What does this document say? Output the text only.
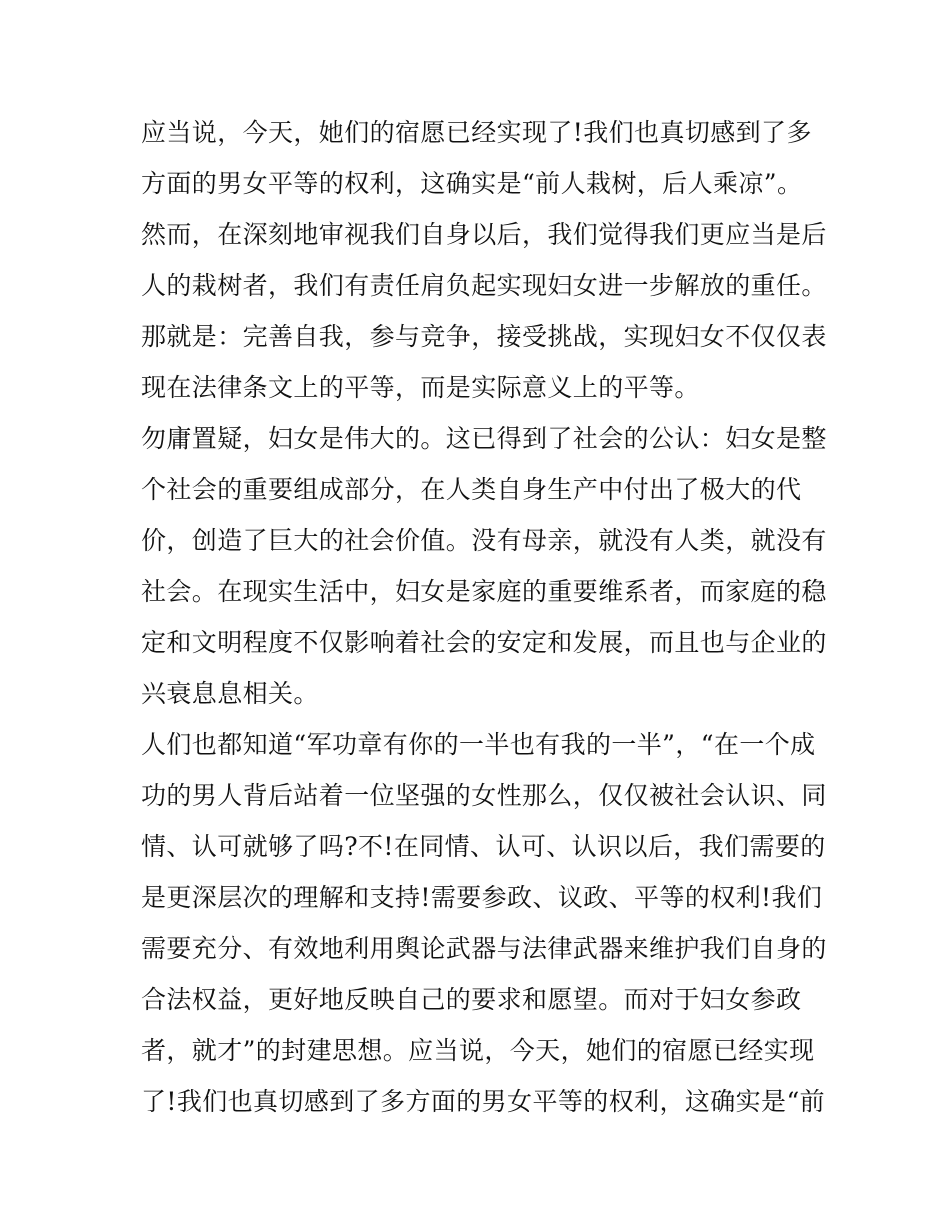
应当说，今天，她们的宿愿已经实现了!我们也真切感到了多
方面的男女平等的权利，这确实是“前人栽树，后人乘凉”。
然而，在深刻地审视我们自身以后，我们觉得我们更应当是后
人的栽树者，我们有责任肩负起实现妇女进一步解放的重任。
那就是：完善自我，参与竞争，接受挑战，实现妇女不仅仅表
现在法律条文上的平等，而是实际意义上的平等。
勿庸置疑，妇女是伟大的。这已得到了社会的公认：妇女是整
个社会的重要组成部分，在人类自身生产中付出了极大的代
价，创造了巨大的社会价值。没有母亲，就没有人类，就没有
社会。在现实生活中，妇女是家庭的重要维系者，而家庭的稳
定和文明程度不仅影响着社会的安定和发展，而且也与企业的
兴衰息息相关。
人们也都知道“军功章有你的一半也有我的一半”，“在一个成
功的男人背后站着一位坚强的女性那么，仅仅被社会认识、同
情、认可就够了吗?不!在同情、认可、认识以后，我们需要的
是更深层次的理解和支持!需要参政、议政、平等的权利!我们
需要充分、有效地利用舆论武器与法律武器来维护我们自身的
合法权益，更好地反映自己的要求和愿望。而对于妇女参政
者，就才”的封建思想。应当说，今天，她们的宿愿已经实现
了!我们也真切感到了多方面的男女平等的权利，这确实是“前
